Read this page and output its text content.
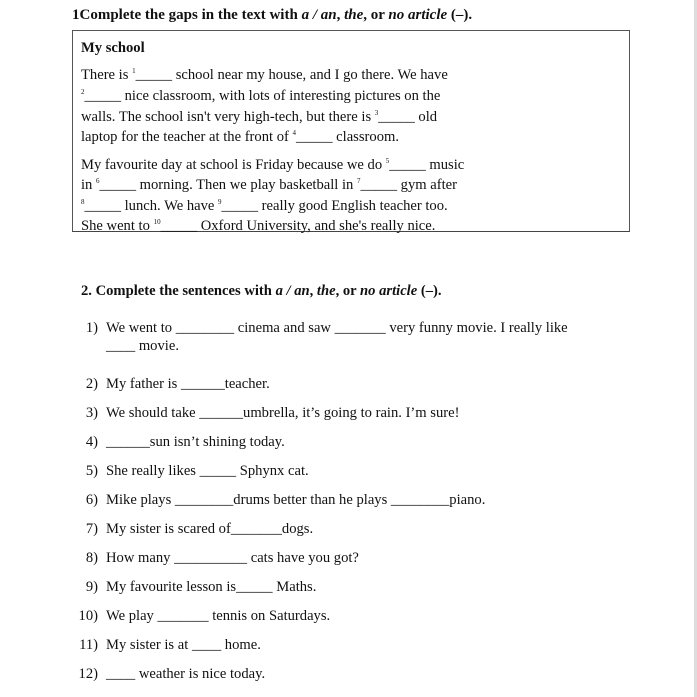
1Complete the gaps in the text with a / an, the, or no article (–).
My school
There is $^1$_____ school near my house, and I go there. We have
$^2$_____ nice classroom, with lots of interesting pictures on the
walls. The school isn't very high-tech, but there is $^3$_____ old
laptop for the teacher at the front of $^4$_____ classroom.
My favourite day at school is Friday because we do $^5$_____ music
in $^6$_____ morning. Then we play basketball in $^7$_____ gym after
$^8$_____ lunch. We have $^9$_____ really good English teacher too.
She went to $^{10}$_____ Oxford University, and she's really nice.
2. Complete the sentences with a / an, the, or no article (–).
1) We went to ________ cinema and saw _______ very funny movie. I really like
____ movie.
2) My father is ______teacher.
3) We should take ______umbrella, it’s going to rain. I’m sure!
4) ______sun isn’t shining today.
5) She really likes _____ Sphynx cat.
6) Mike plays ________drums better than he plays ________piano.
7) My sister is scared of_______dogs.
8) How many __________ cats have you got?
9) My favourite lesson is_____ Maths.
10) We play _______ tennis on Saturdays.
11) My sister is at ____ home.
12) ____ weather is nice today.
